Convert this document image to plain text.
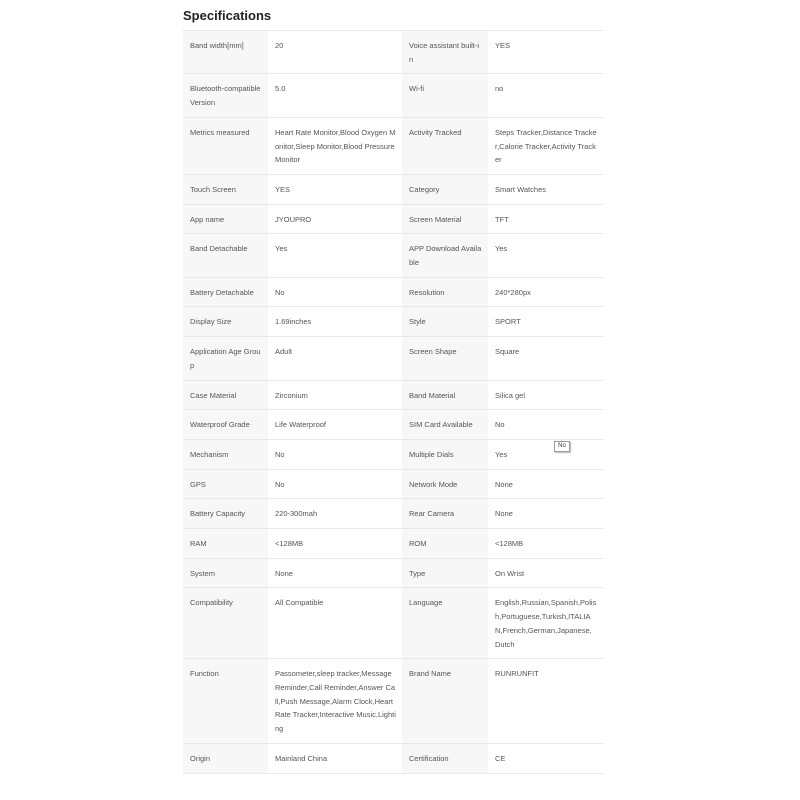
Specifications
Band width[mm]	20	Voice assistant built-in	YES
Bluetooth-compatible Version	5.0	Wi-fi	no
Metrics measured	Heart Rate Monitor,Blood Oxygen Monitor,Sleep Monitor,Blood Pressure Monitor	Activity Tracked	Steps Tracker,Distance Tracker,Calorie Tracker,Activity Tracker
Touch Screen	YES	Category	Smart Watches
App name	JYOUPRO	Screen Material	TFT
Band Detachable	Yes	APP Download Available	Yes
Battery Detachable	No	Resolution	240*280px
Display Size	1.69inches	Style	SPORT
Application Age Group	Adult	Screen Shape	Square
Case Material	Zirconium	Band Material	Silica gel
Waterproof Grade	Life Waterproof	SIM Card Available	No
Mechanism	No	Multiple Dials	Yes
GPS	No	Network Mode	None
Battery Capacity	220-300mah	Rear Camera	None
RAM	<128MB	ROM	<128MB
System	None	Type	On Wrist
Compatibility	All Compatible	Language	English,Russian,Spanish,Polish,Portuguese,Turkish,ITALIAN,French,German,Japanese,Dutch
Function	Passometer,sleep tracker,Message Reminder,Call Reminder,Answer Call,Push Message,Alarm Clock,Heart Rate Tracker,Interactive Music,Lighting	Brand Name	RUNRUNFIT
Origin	Mainland China	Certification	CE
No
